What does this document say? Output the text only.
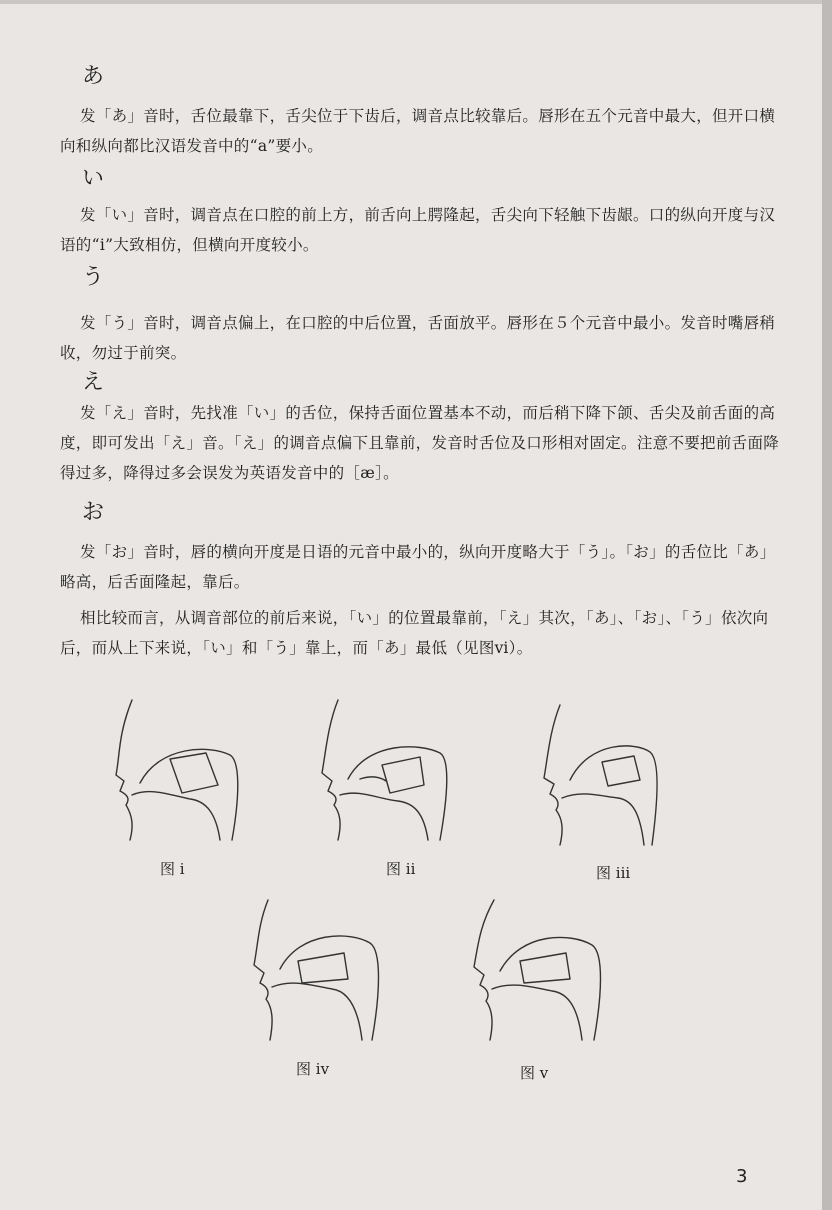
あ
发「あ」音时，舌位最靠下，舌尖位于下齿后，调音点比较靠后。唇形在五个元音中最大，但开口横向和纵向都比汉语发音中的“a”要小。
い
发「い」音时，调音点在口腔的前上方，前舌向上腭隆起，舌尖向下轻触下齿龈。口的纵向开度与汉语的“i”大致相仿，但横向开度较小。
う
发「う」音时，调音点偏上，在口腔的中后位置，舌面放平。唇形在５个元音中最小。发音时嘴唇稍收，勿过于前突。
え
发「え」音时，先找准「い」的舌位，保持舌面位置基本不动，而后稍下降下颌、舌尖及前舌面的高度，即可发出「え」音。「え」的调音点偏下且靠前，发音时舌位及口形相对固定。注意不要把前舌面降得过多，降得过多会误发为英语发音中的［æ］。
お
发「お」音时，唇的横向开度是日语的元音中最小的，纵向开度略大于「う」。「お」的舌位比「あ」略高，后舌面隆起，靠后。
相比较而言，从调音部位的前后来说，「い」的位置最靠前，「え」其次，「あ」、「お」、「う」依次向后，而从上下来说，「い」和「う」靠上，而「あ」最低（见图ⅵ）。
图 i	图 ii	图 iii
图 iv	图 v
3
